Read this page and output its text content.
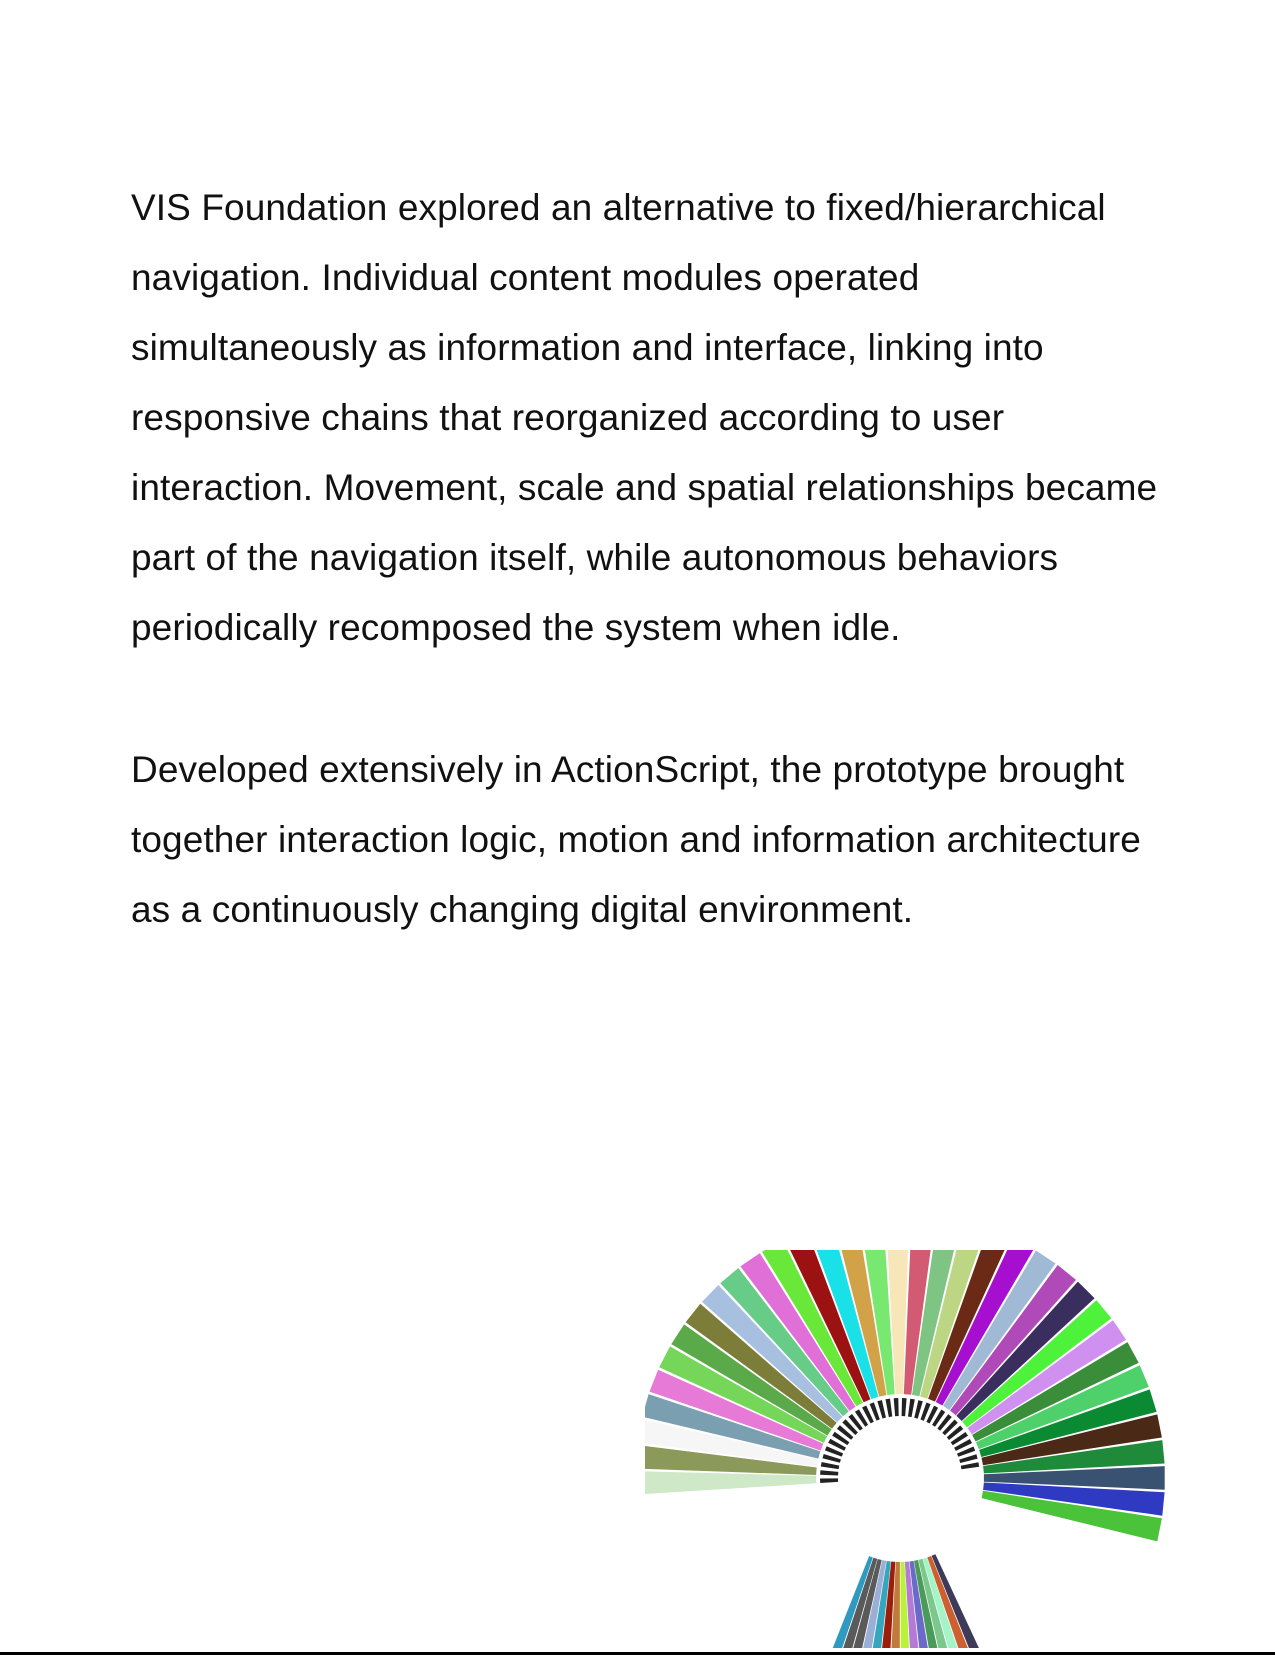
VIS Foundation explored an alternative to fixed/hierarchical

navigation. Individual content modules operated

simultaneously as information and interface, linking into

responsive chains that reorganized according to user

interaction. Movement, scale and spatial relationships became

part of the navigation itself, while autonomous behaviors

periodically recomposed the system when idle.

Developed extensively in ActionScript, the prototype brought

together interaction logic, motion and information architecture

as a continuously changing digital environment.
